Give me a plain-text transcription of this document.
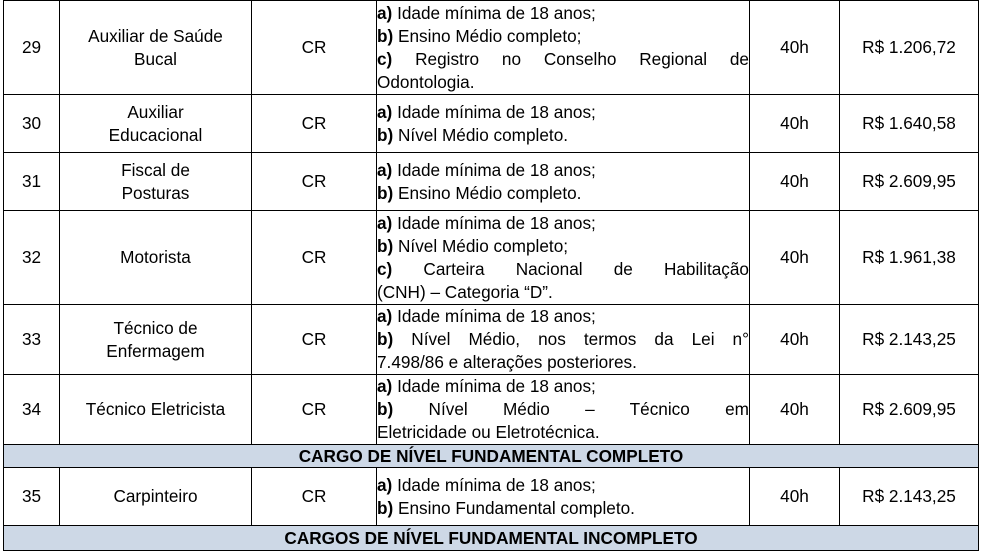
29	Auxiliar de Saúde
Bucal	CR	a) Idade mínima de 18 anos;
b) Ensino Médio completo;
c) Registro no Conselho Regional de
Odontologia.	40h	R$ 1.206,72
30	Auxiliar
Educacional	CR	a) Idade mínima de 18 anos;
b) Nível Médio completo.	40h	R$ 1.640,58
31	Fiscal de
Posturas	CR	a) Idade mínima de 18 anos;
b) Ensino Médio completo.	40h	R$ 2.609,95
32	Motorista	CR	a) Idade mínima de 18 anos;
b) Nível Médio completo;
c) Carteira Nacional de Habilitação
(CNH) – Categoria “D”.	40h	R$ 1.961,38
33	Técnico de
Enfermagem	CR	a) Idade mínima de 18 anos;
b) Nível Médio, nos termos da Lei n°
7.498/86 e alterações posteriores.	40h	R$ 2.143,25
34	Técnico Eletricista	CR	a) Idade mínima de 18 anos;
b) Nível Médio – Técnico em
Eletricidade ou Eletrotécnica.	40h	R$ 2.609,95
CARGO DE NÍVEL FUNDAMENTAL COMPLETO					
35	Carpinteiro	CR	a) Idade mínima de 18 anos;
b) Ensino Fundamental completo.	40h	R$ 2.143,25
CARGOS DE NÍVEL FUNDAMENTAL INCOMPLETO					
